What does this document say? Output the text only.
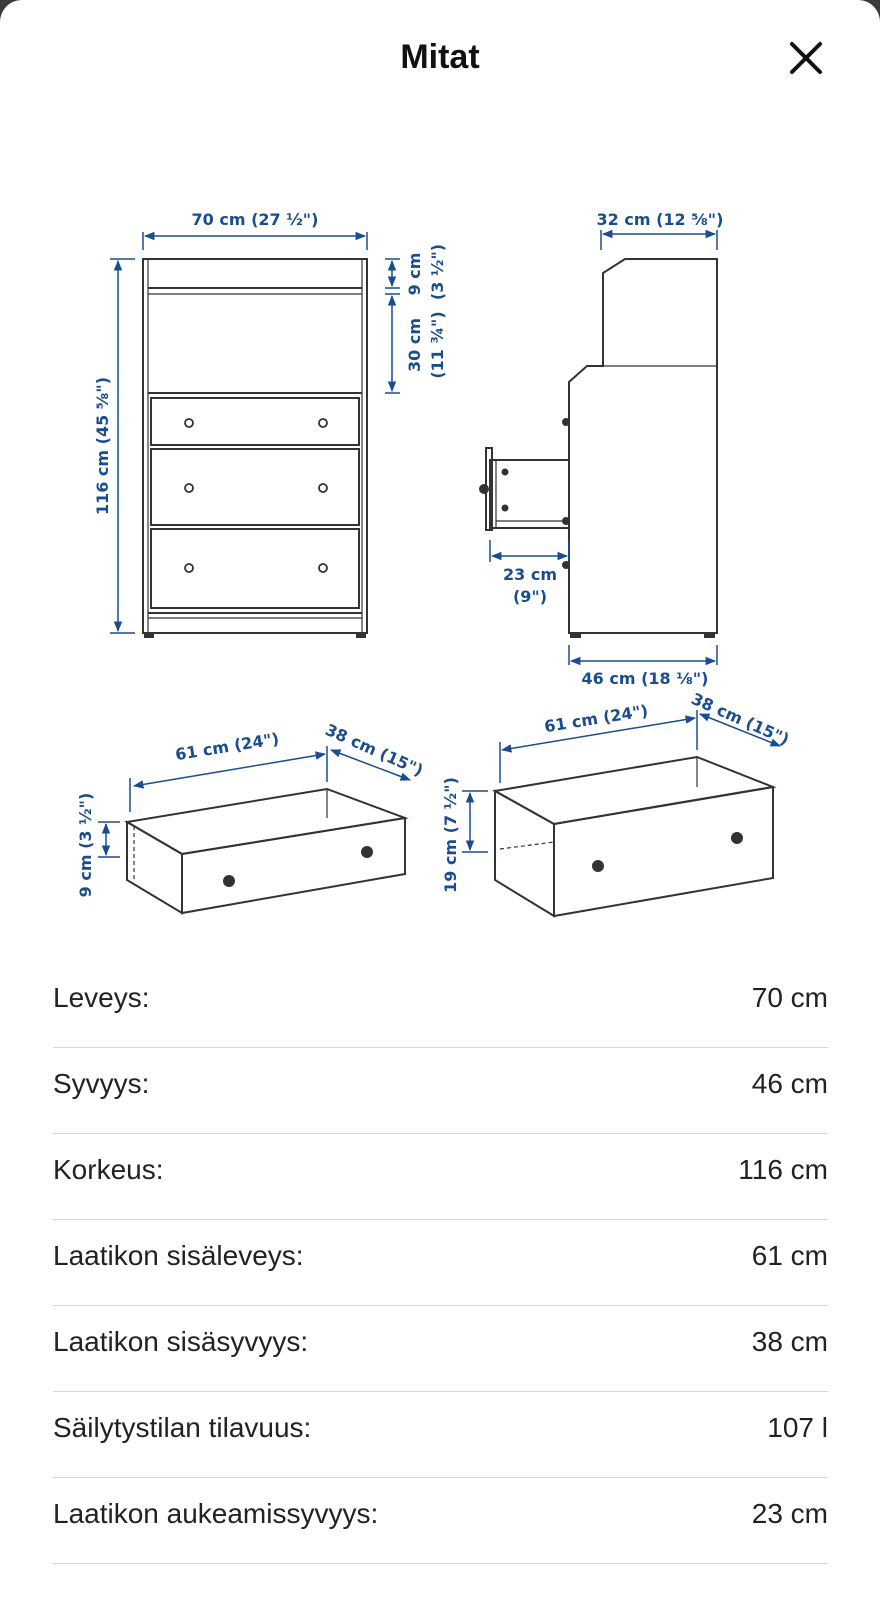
Mitat
70 cm (27 ½")
116 cm (45 ⅝")
9 cm (3 ½")
30 cm (11 ¾")
32 cm (12 ⅝")
23 cm
(9")
46 cm (18 ⅛")
61 cm (24")	38 cm (15")
9 cm (3 ½")
61 cm (24") 38 cm (15")
19 cm (7 ½")
Leveys:	70 cm
Syvyys:	46 cm
Korkeus:	116 cm
Laatikon sisäleveys:	61 cm
Laatikon sisäsyvyys:	38 cm
Säilytystilan tilavuus:	107 l
Laatikon aukeamissyvyys:	23 cm
